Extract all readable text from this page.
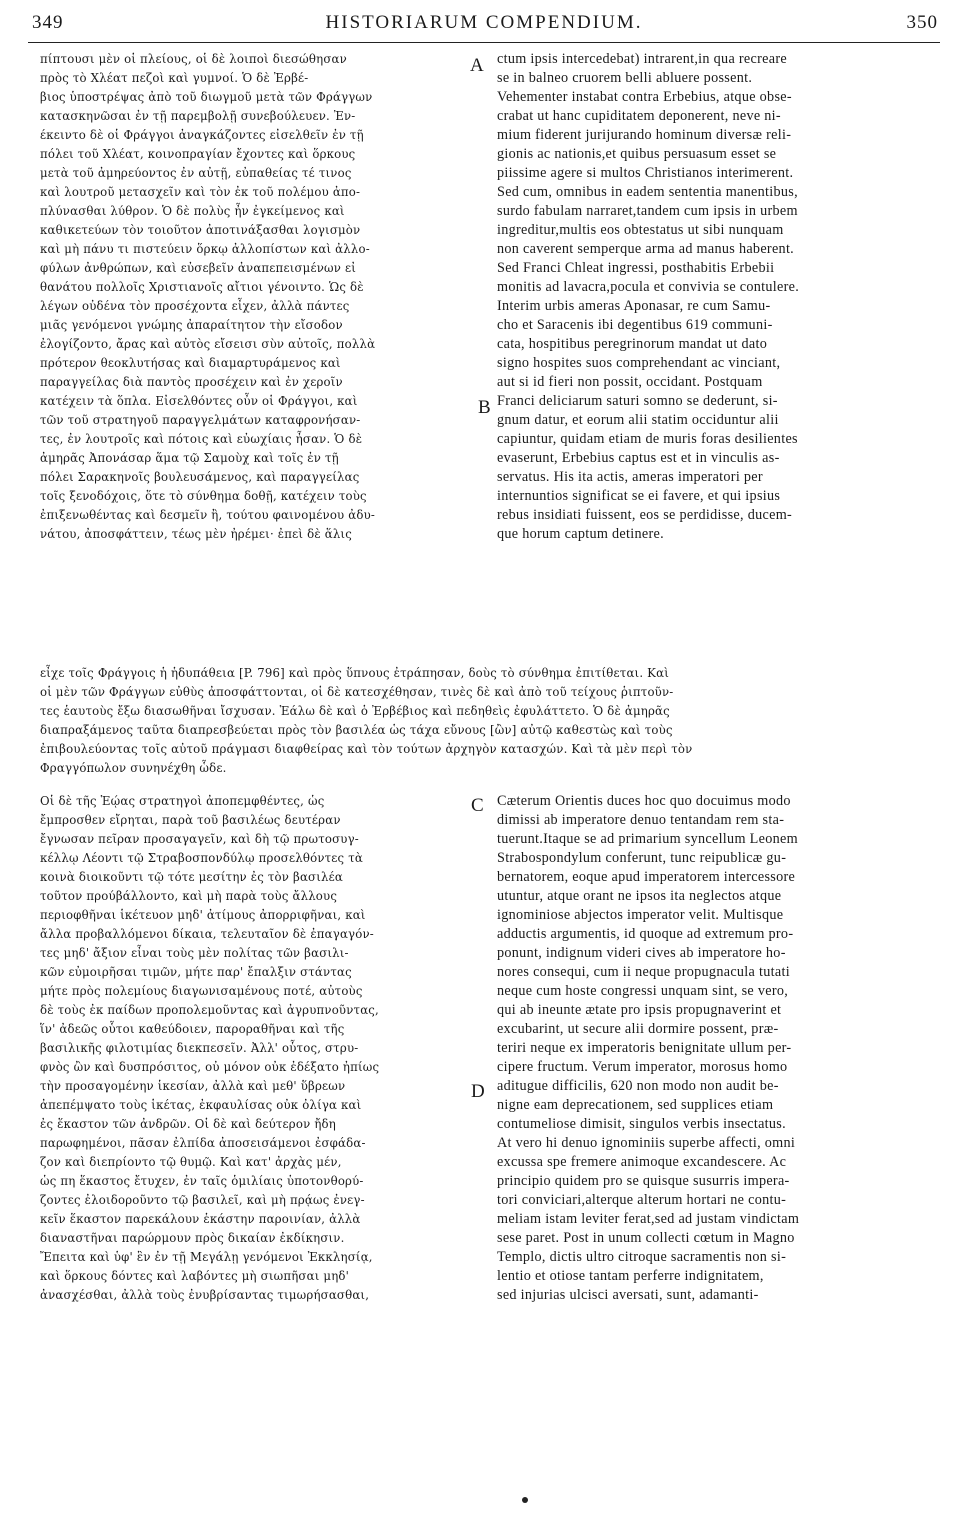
349	HISTORIARUM COMPENDIUM.	350
πίπτουσι μὲν οἱ πλείους, οἱ δὲ λοιποὶ διεσώθησαν
πρὸς τὸ Χλέατ πεζοὶ καὶ γυμνοί. Ὁ δὲ Ἐρβέ-
βιος ὑποστρέψας ἀπὸ τοῦ διωγμοῦ μετὰ τῶν Φράγγων
κατασκηνῶσαι ἐν τῇ παρεμβολῇ συνεβούλευεν. Ἐν-
έκειντο δὲ οἱ Φράγγοι ἀναγκάζοντες εἰσελθεῖν ἐν τῇ
πόλει τοῦ Χλέατ, κοινοπραγίαν ἔχοντες καὶ ὅρκους
μετὰ τοῦ ἀμηρεύοντος ἐν αὐτῇ, εὐπαθείας τέ τινος
καὶ λουτροῦ μετασχεῖν καὶ τὸν ἐκ τοῦ πολέμου ἀπο-
πλύνασθαι λύθρον. Ὁ δὲ πολὺς ἦν ἐγκείμενος καὶ
καθικετεύων τὸν τοιοῦτον ἀποτινάξασθαι λογισμὸν
καὶ μὴ πάνυ τι πιστεύειν ὅρκῳ ἀλλοπίστων καὶ ἀλλο-
φύλων ἀνθρώπων, καὶ εὐσεβεῖν ἀναπεπεισμένων εἰ
θανάτου πολλοῖς Χριστιανοῖς αἴτιοι γένοιντο. Ὡς δὲ
λέγων οὐδένα τὸν προσέχοντα εἶχεν, ἀλλὰ πάντες
μιᾶς γενόμενοι γνώμης ἀπαραίτητον τὴν εἴσοδον
ἐλογίζοντο, ἄρας καὶ αὐτὸς εἴσεισι σὺν αὐτοῖς, πολλὰ
πρότερον θεοκλυτήσας καὶ διαμαρτυράμενος καὶ
παραγγείλας διὰ παντὸς προσέχειν καὶ ἐν χεροῖν
κατέχειν τὰ ὅπλα. Εἰσελθόντες οὖν οἱ Φράγγοι, καὶ
τῶν τοῦ στρατηγοῦ παραγγελμάτων καταφρονήσαν-
τες, ἐν λουτροῖς καὶ πότοις καὶ εὐωχίαις ἦσαν. Ὁ δὲ
ἀμηρᾶς Ἀπονάσαρ ἅμα τῷ Σαμοὺχ καὶ τοῖς ἐν τῇ
πόλει Σαρακηνοῖς βουλευσάμενος, καὶ παραγγείλας
τοῖς ξενοδόχοις, ὅτε τὸ σύνθημα δοθῇ, κατέχειν τοὺς
ἐπιξενωθέντας καὶ δεσμεῖν ἢ, τούτου φαινομένου ἀδυ-
νάτου, ἀποσφάττειν, τέως μὲν ἠρέμει· ἐπεὶ δὲ ἅλις
ctum ipsis intercedebat) intrarent,in qua recreare
se in balneo cruorem belli abluere possent.
Vehementer instabat contra Erbebius, atque obse-
crabat ut hanc cupiditatem deponerent, neve ni-
mium fiderent jurijurando hominum diversæ reli-
gionis ac nationis,et quibus persuasum esset se
piissime agere si multos Christianos interimerent.
Sed cum, omnibus in eadem sententia manentibus,
surdo fabulam narraret,tandem cum ipsis in urbem
ingreditur,multis eos obtestatus ut sibi nunquam
non caverent semperque arma ad manus haberent.
Sed Franci Chleat ingressi, posthabitis Erbebii
monitis ad lavacra,pocula et convivia se contulere.
Interim urbis ameras Aponasar, re cum Samu-
cho et Saracenis ibi degentibus 619 communi-
cata, hospitibus peregrinorum mandat ut dato
signo hospites suos comprehendant ac vinciant,
aut si id fieri non possit, occidant. Postquam
Franci deliciarum saturi somno se dederunt, si-
gnum datur, et eorum alii statim occiduntur alii
capiuntur, quidam etiam de muris foras desilientes
evaserunt, Erbebius captus est et in vinculis as-
servatus. His ita actis, ameras imperatori per
internuntios significat se ei favere, et qui ipsius
rebus insidiati fuissent, eos se perdidisse, ducem-
que horum captum detinere.
A
B
εἶχε τοῖς Φράγγοις ἡ ἡδυπάθεια [P. 796] καὶ πρὸς ὕπνους ἐτράπησαν, δοὺς τὸ σύνθημα ἐπιτίθεται. Καὶ
οἱ μὲν τῶν Φράγγων εὐθὺς ἀποσφάττονται, οἱ δὲ κατεσχέθησαν, τινὲς δὲ καὶ ἀπὸ τοῦ τείχους ῥιπτοῦν-
τες ἑαυτοὺς ἔξω διασωθῆναι ἴσχυσαν. Ἑάλω δὲ καὶ ὁ Ἐρβέβιος καὶ πεδηθεὶς ἐφυλάττετο. Ὁ δὲ ἀμηρᾶς
διαπραξάμενος ταῦτα διαπρεσβεύεται πρὸς τὸν βασιλέα ὡς τάχα εὔνους [ὢν] αὐτῷ καθεστὼς καὶ τοὺς
ἐπιβουλεύοντας τοῖς αὐτοῦ πράγμασι διαφθείρας καὶ τὸν τούτων ἀρχηγὸν κατασχών. Καὶ τὰ μὲν περὶ τὸν
Φραγγόπωλον συνηνέχθη ὧδε.
Οἱ δὲ τῆς Ἑῴας στρατηγοὶ ἀποπεμφθέντες, ὡς
ἔμπροσθεν εἴρηται, παρὰ τοῦ βασιλέως δευτέραν
ἔγνωσαν πεῖραν προσαγαγεῖν, καὶ δὴ τῷ πρωτοσυγ-
κέλλῳ Λέοντι τῷ Στραβοσπονδύλῳ προσελθόντες τὰ
κοινὰ διοικοῦντι τῷ τότε μεσίτην ἐς τὸν βασιλέα
τοῦτον προύβάλλοντο, καὶ μὴ παρὰ τοὺς ἄλλους
περιοφθῆναι ἱκέτευον μηδ' ἀτίμους ἀπορριφῆναι, καὶ
ἄλλα προβαλλόμενοι δίκαια, τελευταῖον δὲ ἐπαγαγόν-
τες μηδ' ἄξιον εἶναι τοὺς μὲν πολίτας τῶν βασιλι-
κῶν εὐμοιρῆσαι τιμῶν, μήτε παρ' ἔπαλξιν στάντας
μήτε πρὸς πολεμίους διαγωνισαμένους ποτέ, αὐτοὺς
δὲ τοὺς ἐκ παίδων προπολεμοῦντας καὶ ἀγρυπνοῦντας,
ἵν' ἀδεῶς οὗτοι καθεύδοιεν, παροραθῆναι καὶ τῆς
βασιλικῆς φιλοτιμίας διεκπεσεῖν. Ἀλλ' οὗτος, στρυ-
φνὸς ὢν καὶ δυσπρόσιτος, οὐ μόνον οὐκ ἐδέξατο ἠπίως
τὴν προσαγομένην ἱκεσίαν, ἀλλὰ καὶ μεθ' ὕβρεων
ἀπεπέμψατο τοὺς ἱκέτας, ἐκφαυλίσας οὐκ ὀλίγα καὶ
ἐς ἕκαστον τῶν ἀνδρῶν. Οἱ δὲ καὶ δεύτερον ἤδη
παρωφημένοι, πᾶσαν ἐλπίδα ἀποσεισάμενοι ἐσφάδα-
ζον καὶ διεπρίοντο τῷ θυμῷ. Καὶ κατ' ἀρχὰς μέν,
ὡς πη ἕκαστος ἔτυχεν, ἐν ταῖς ὁμιλίαις ὑποτονθορύ-
ζοντες ἐλοιδοροῦντο τῷ βασιλεῖ, καὶ μὴ πρᾴως ἐνεγ-
κεῖν ἕκαστον παρεκάλουν ἑκάστην παροινίαν, ἀλλὰ
διαναστῆναι παρώρμουν πρὸς δικαίαν ἐκδίκησιν.
Ἔπειτα καὶ ὑφ' ἓν ἐν τῇ Μεγάλῃ γενόμενοι Ἐκκλησίᾳ,
καὶ ὅρκους δόντες καὶ λαβόντες μὴ σιωπῆσαι μηδ'
ἀνασχέσθαι, ἀλλὰ τοὺς ἐνυβρίσαντας τιμωρήσασθαι,
Cæterum Orientis duces hoc quo docuimus modo
dimissi ab imperatore denuo tentandam rem sta-
tuerunt.Itaque se ad primarium syncellum Leonem
Strabospondylum conferunt, tunc reipublicæ gu-
bernatorem, eoque apud imperatorem intercessore
utuntur, atque orant ne ipsos ita neglectos atque
ignominiose abjectos imperator velit. Multisque
adductis argumentis, id quoque ad extremum pro-
ponunt, indignum videri cives ab imperatore ho-
nores consequi, cum ii neque propugnacula tutati
neque cum hoste congressi unquam sint, se vero,
qui ab ineunte ætate pro ipsis propugnaverint et
excubarint, ut secure alii dormire possent, præ-
teriri neque ex imperatoris benignitate ullum per-
cipere fructum. Verum imperator, morosus homo
aditugue difficilis, 620 non modo non audit be-
nigne eam deprecationem, sed supplices etiam
contumeliose dimisit, singulos verbis insectatus.
At vero hi denuo ignominiis superbe affecti, omni
excussa spe fremere animoque excandescere. Ac
principio quidem pro se quisque susurris impera-
tori conviciari,alterque alterum hortari ne contu-
meliam istam leviter ferat,sed ad justam vindictam
sese paret. Post in unum collecti cœtum in Magno
Templo, dictis ultro citroque sacramentis non si-
lentio et otiose tantam perferre indignitatem,
sed injurias ulcisci aversati, sunt, adamanti-
C
D
